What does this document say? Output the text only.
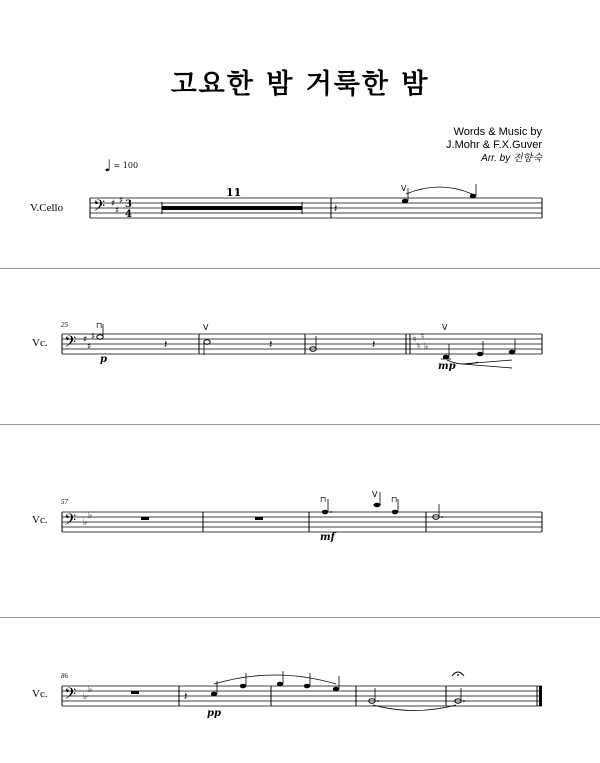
고요한 밤 거룩한 밤
Words & Music by
J.Mohr & F.X.Guver
Arr. by 전향숙
♩ = 100
V.Cello
11
𝄢 ♯
♯
♯ 3
4	𝄽
V
25
Vc.
p
mp
𝄢 ♯
♯
♯
⊓
𝄽
V
𝄽	𝄽	♮
♮
♮
♭
V
57
Vc.
mf
𝄢 ♭
♭
⊓
V
⊓
86
Vc.
pp
𝄢 ♭
♭	𝄽
